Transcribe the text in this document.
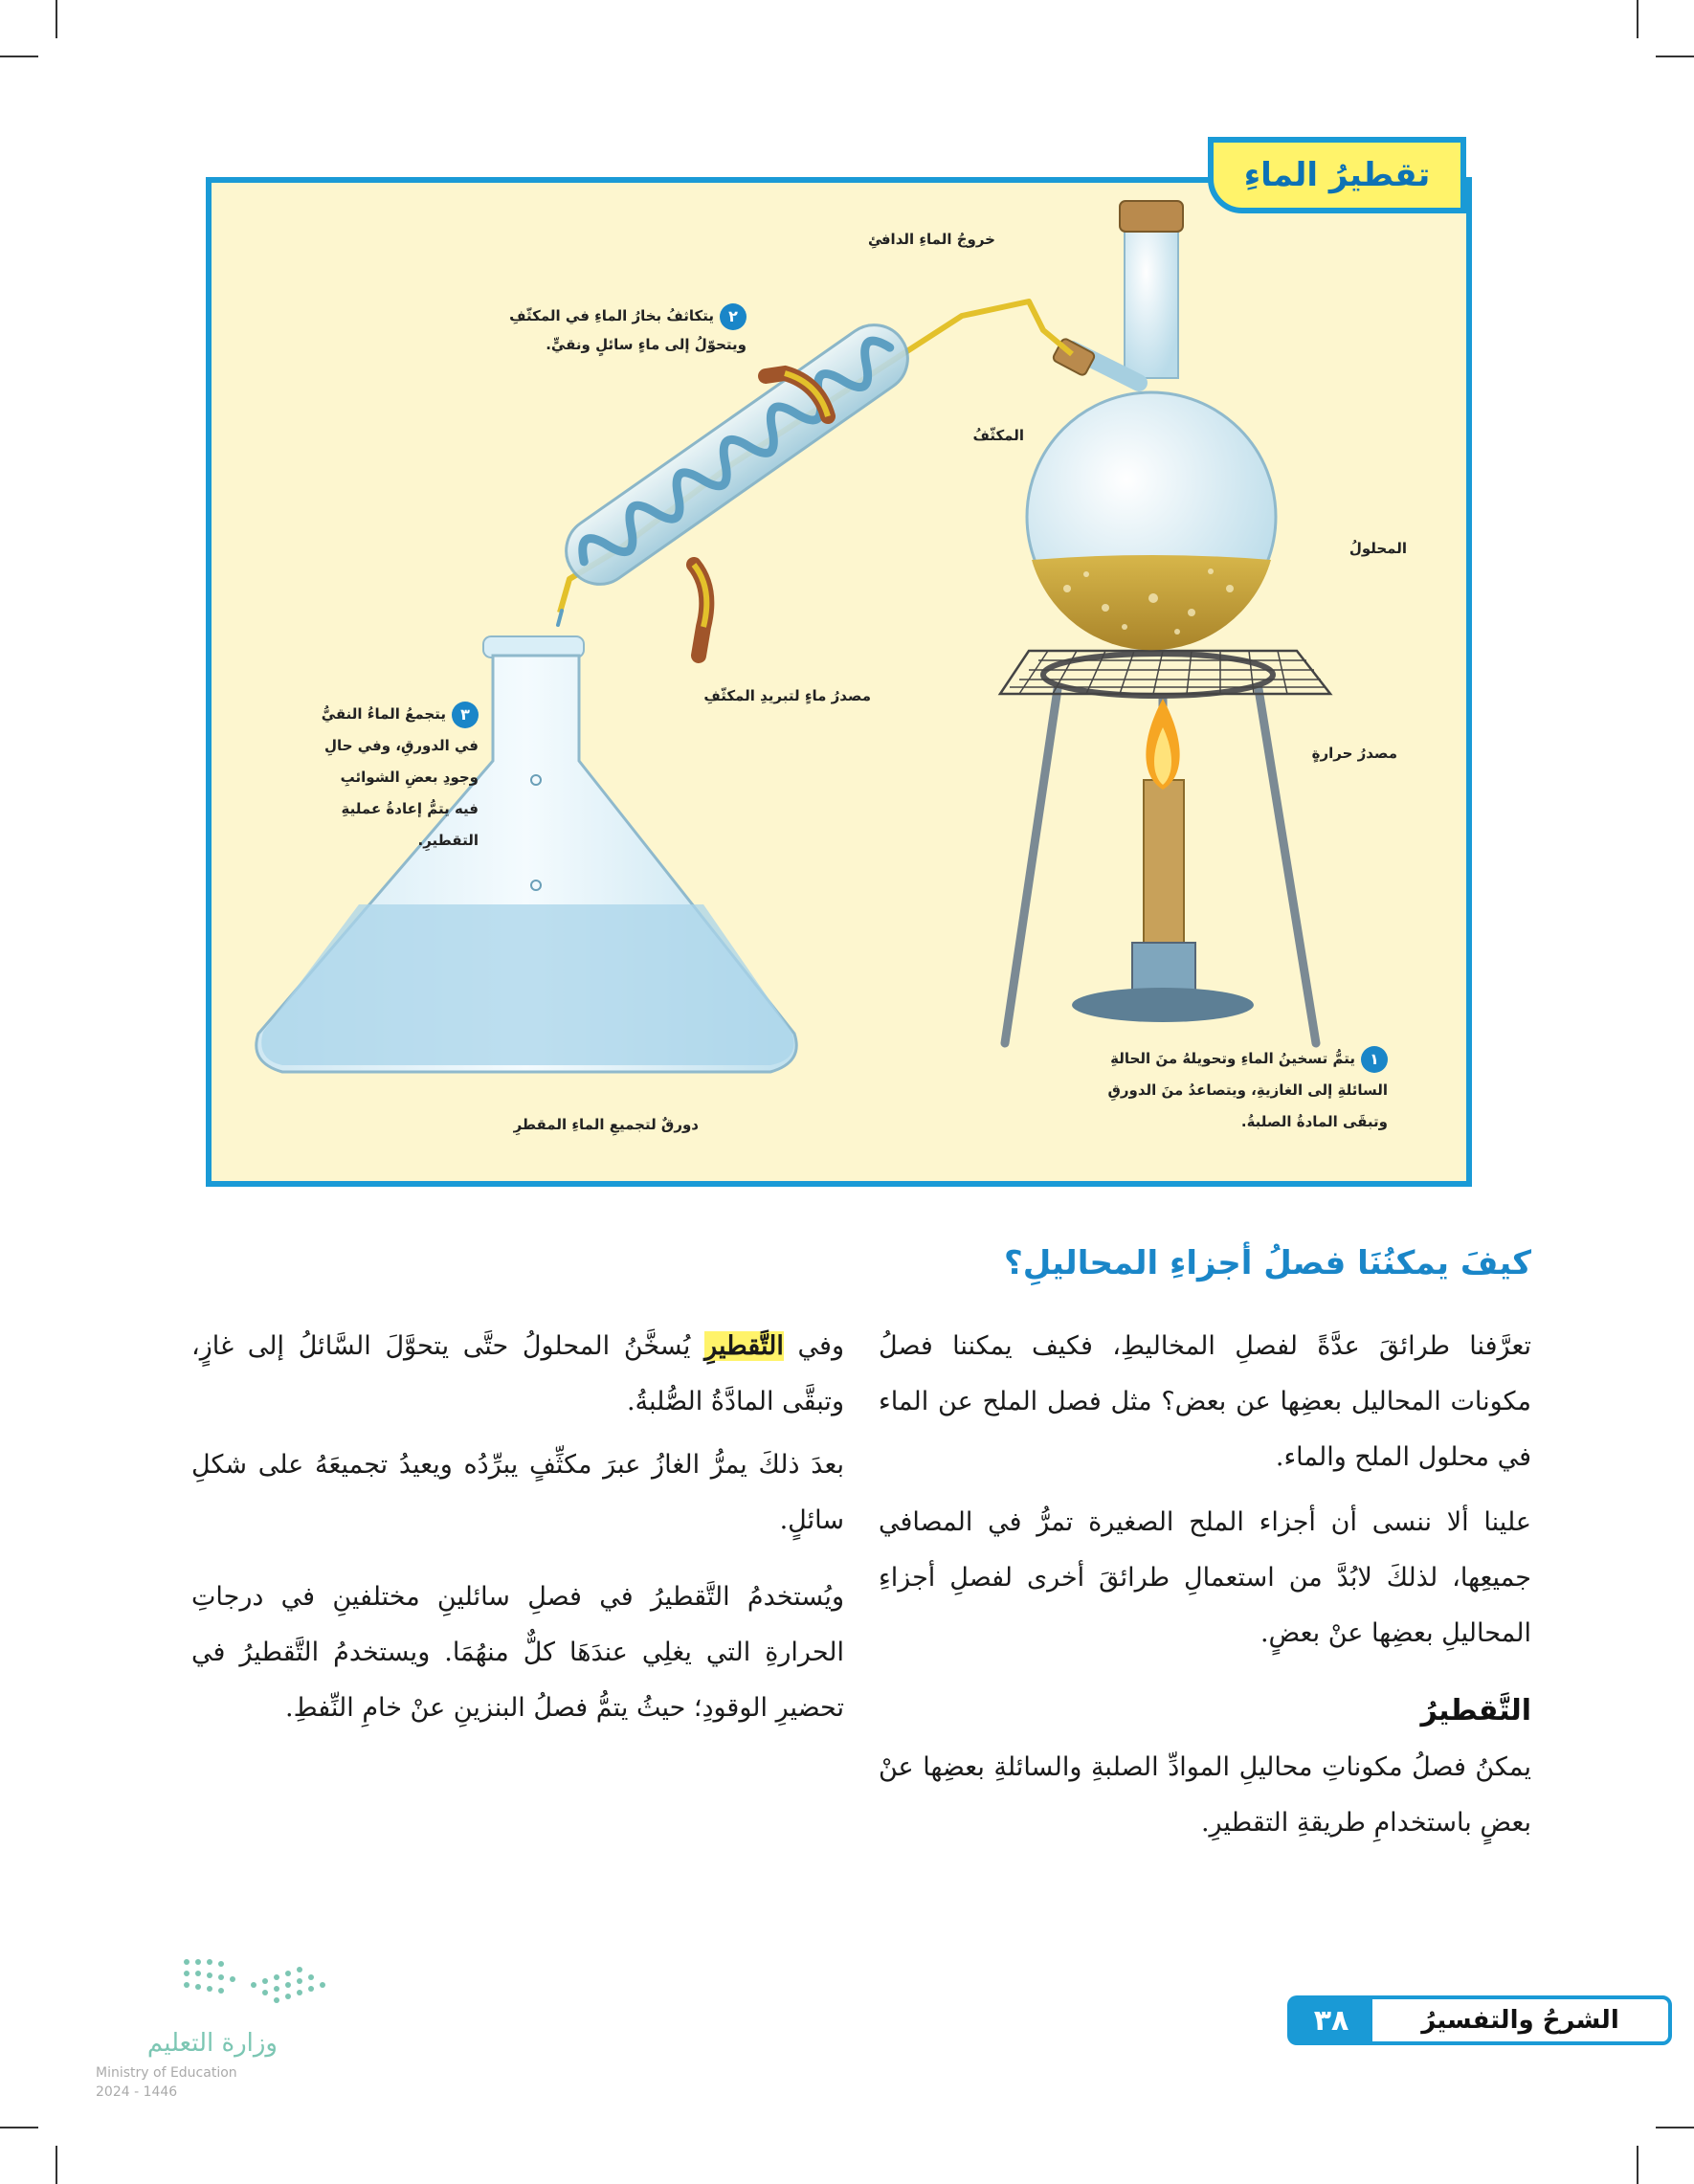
تقطيرُ الماءِ
خروجُ الماءِ الدافئِ
المكثّفُ
المحلولُ
مصدرُ حرارةٍ
مصدرُ ماءٍ لتبريدِ المكثّفِ
دورقٌ لتجميعِ الماءِ المقطرِ
٢يتكاثفُ بخارُ الماءِ في المكثّفِ
ويتحوّلُ إلى ماءٍ سائلٍ ونقيٍّ.
٣يتجمعُ الماءُ النقيُّ
في الدورقِ، وفي حالِ
وجودِ بعضِ الشوائبِ
فيه يتمُّ إعادةُ عمليةِ
التقطيرِ.
١يتمُّ تسخينُ الماءِ وتحويلهُ منَ الحالةِ
السائلةِ إلى الغازيةِ، ويتصاعدُ منَ الدورقِ
وتبقَى المادةُ الصلبةُ.
كيفَ يمكنُنَا فصلُ أجزاءِ المحاليلِ؟

تعرَّفنا طرائقَ عدَّةً لفصلِ المخاليطِ، فكيف يمكننا فصلُ مكونات المحاليل بعضِها عن بعض؟ مثل فصل الملح عن الماء في محلول الملح والماء.

علينا ألا ننسى أن أجزاء الملح الصغيرة تمرُّ في المصافي جميعِها، لذلكَ لابُدَّ من استعمالِ طرائقَ أخرى لفصلِ أجزاءِ المحاليلِ بعضِها عنْ بعضٍ.

التَّقطيرُ

يمكنُ فصلُ مكوناتِ محاليلِ الموادِّ الصلبةِ والسائلةِ بعضِها عنْ بعضٍ باستخدامِ طريقةِ التقطيرِ.

وفي التَّقطيرِ يُسخَّنُ المحلولُ حتَّى يتحوَّلَ السَّائلُ إلى غازٍ، وتبقَّى المادَّةُ الصُّلبةُ.

بعدَ ذلكَ يمرُّ الغازُ عبرَ مكثِّفٍ يبرِّدُه ويعيدُ تجميعَهُ على شكلِ سائلٍ.

ويُستخدمُ التَّقطيرُ في فصلِ سائلينِ مختلفينِ في درجاتِ الحرارةِ التي يغلِي عندَهَا كلٌّ منهُمَا. ويستخدمُ التَّقطيرُ في تحضيرِ الوقودِ؛ حيثُ يتمُّ فصلُ البنزينِ عنْ خامِ النِّفطِ.

٣٨	الشرحُ والتفسيرُ
وزارة التعليم
Ministry of Education
2024 - 1446
